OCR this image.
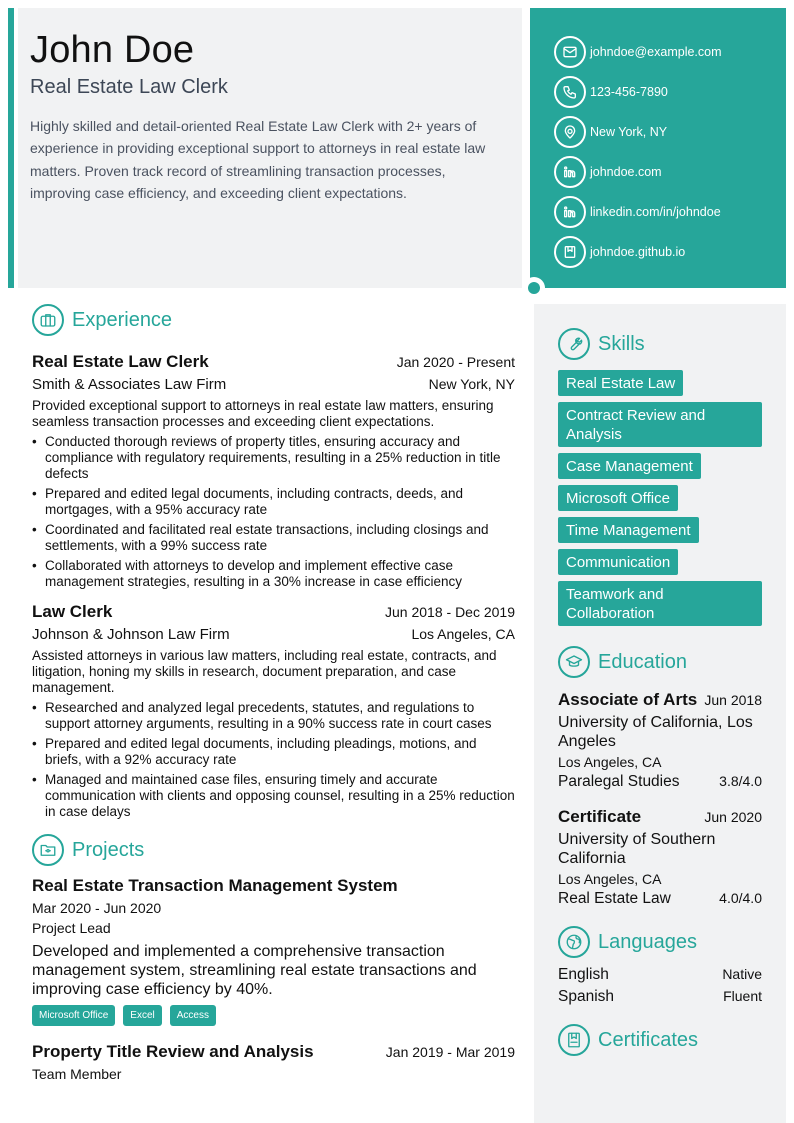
John Doe
Real Estate Law Clerk
Highly skilled and detail-oriented Real Estate Law Clerk with 2+ years of experience in providing exceptional support to attorneys in real estate law matters. Proven track record of streamlining transaction processes, improving case efficiency, and exceeding client expectations.
johndoe@example.com
123-456-7890
New York, NY
johndoe.com
linkedin.com/in/johndoe
johndoe.github.io
Experience
Real Estate Law Clerk	Jan 2020 - Present
Smith & Associates Law Firm	New York, NY
Provided exceptional support to attorneys in real estate law matters, ensuring seamless transaction processes and exceeding client expectations.
• Conducted thorough reviews of property titles, ensuring accuracy and compliance with regulatory requirements, resulting in a 25% reduction in title defects
• Prepared and edited legal documents, including contracts, deeds, and mortgages, with a 95% accuracy rate
• Coordinated and facilitated real estate transactions, including closings and settlements, with a 99% success rate
• Collaborated with attorneys to develop and implement effective case management strategies, resulting in a 30% increase in case efficiency
Law Clerk	Jun 2018 - Dec 2019
Johnson & Johnson Law Firm	Los Angeles, CA
Assisted attorneys in various law matters, including real estate, contracts, and litigation, honing my skills in research, document preparation, and case management.
• Researched and analyzed legal precedents, statutes, and regulations to support attorney arguments, resulting in a 90% success rate in court cases
• Prepared and edited legal documents, including pleadings, motions, and briefs, with a 92% accuracy rate
• Managed and maintained case files, ensuring timely and accurate communication with clients and opposing counsel, resulting in a 25% reduction in case delays
Projects
Real Estate Transaction Management System
Mar 2020 - Jun 2020
Project Lead
Developed and implemented a comprehensive transaction management system, streamlining real estate transactions and improving case efficiency by 40%.
Microsoft Office	Excel	Access
Property Title Review and Analysis	Jan 2019 - Mar 2019
Team Member
Skills
Real Estate Law
Contract Review and Analysis
Case Management
Microsoft Office
Time Management
Communication
Teamwork and Collaboration
Education
Associate of Arts Jun 2018
University of California, Los Angeles
Los Angeles, CA
Paralegal Studies	3.8/4.0
Certificate	Jun 2020
University of Southern California
Los Angeles, CA
Real Estate Law	4.0/4.0
Languages
English	Native
Spanish	Fluent
Certificates
